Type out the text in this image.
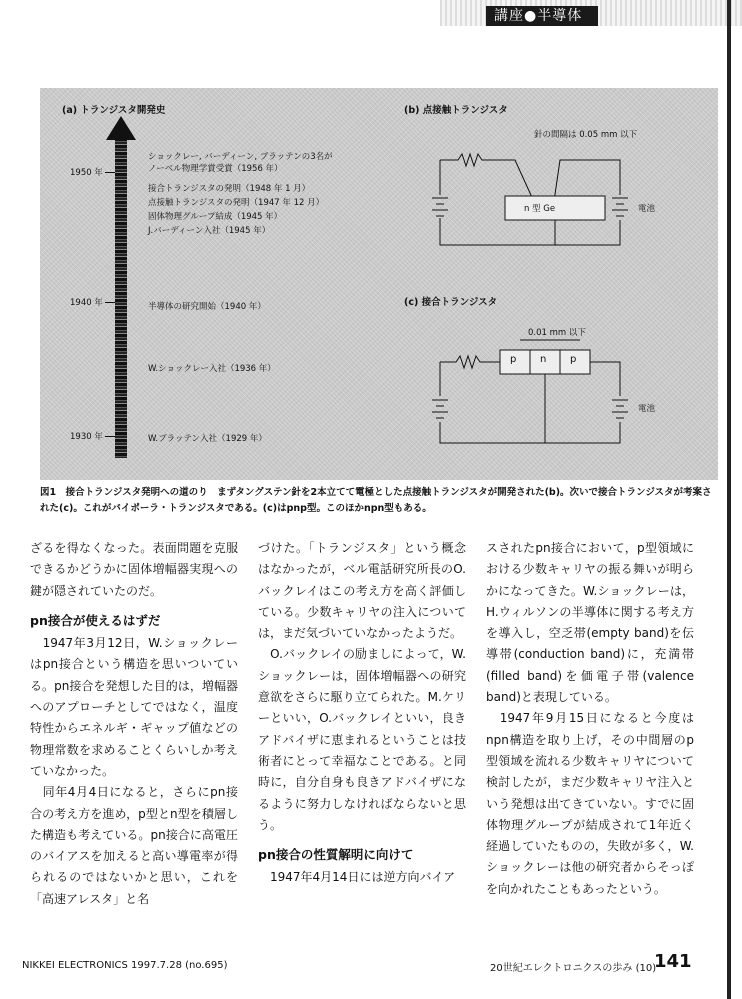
講座●半導体
(a) トランジスタ開発史
1950 年
1940 年
1930 年
ショックレー, バーディーン, ブラッテンの3名が
ノーベル物理学賞受賞（1956 年）
接合トランジスタの発明（1948 年 1 月）
点接触トランジスタの発明（1947 年 12 月）
固体物理グループ結成（1945 年）
J.バーディーン入社（1945 年）
半導体の研究開始（1940 年）
W.ショックレー入社（1936 年）
W.ブラッテン入社（1929 年）
(b) 点接触トランジスタ
針の間隔は 0.05 mm 以下
n 型 Ge	電池
(c) 接合トランジスタ
0.01 mm 以下
p n p
電池
図1　接合トランジスタ発明への道のり　まずタングステン針を2本立てて電極とした点接触トランジスタが開発された(b)。次いで接合トランジスタが考案された(c)。これがバイポーラ・トランジスタである。(c)はpnp型。このほかnpn型もある。

ざるを得なくなった。表面問題を克服できるかどうかに固体増幅器実現への鍵が隠されていたのだ。

pn接合が使えるはずだ

　1947年3月12日，W.ショックレーはpn接合という構造を思いついている。pn接合を発想した目的は，増幅器へのアプローチとしてではなく，温度特性からエネルギ・ギャップ値などの物理常数を求めることくらいしか考えていなかった。

　同年4月4日になると，さらにpn接合の考え方を進め，p型とn型を積層した構造も考えている。pn接合に高電圧のバイアスを加えると高い導電率が得られるのではないかと思い，これを「高速アレスタ」と名

づけた。「トランジスタ」という概念はなかったが，ベル電話研究所長のO.バックレイはこの考え方を高く評価している。少数キャリヤの注入については，まだ気づいていなかったようだ。

　O.バックレイの励ましによって，W.ショックレーは，固体増幅器への研究意欲をさらに駆り立てられた。M.ケリーといい，O.バックレイといい，良きアドバイザに恵まれるということは技術者にとって幸福なことである。と同時に，自分自身も良きアドバイザになるように努力しなければならないと思う。

pn接合の性質解明に向けて

　1947年4月14日には逆方向バイア

スされたpn接合において，p型領域における少数キャリヤの振る舞いが明らかになってきた。W.ショックレーは，H.ウィルソンの半導体に関する考え方を導入し，空乏帯(empty band)を伝導帯(conduction band)に，充満帯(filled band)を価電子帯(valence band)と表現している。

　1947年9月15日になると今度はnpn構造を取り上げ，その中間層のp型領域を流れる少数キャリヤについて検討したが，まだ少数キャリヤ注入という発想は出てきていない。すでに固体物理グループが結成されて1年近く経過していたものの，失敗が多く，W.ショックレーは他の研究者からそっぽを向かれたこともあったという。

NIKKEI ELECTRONICS 1997.7.28 (no.695)	20世紀エレクトロニクスの歩み (10)
141
